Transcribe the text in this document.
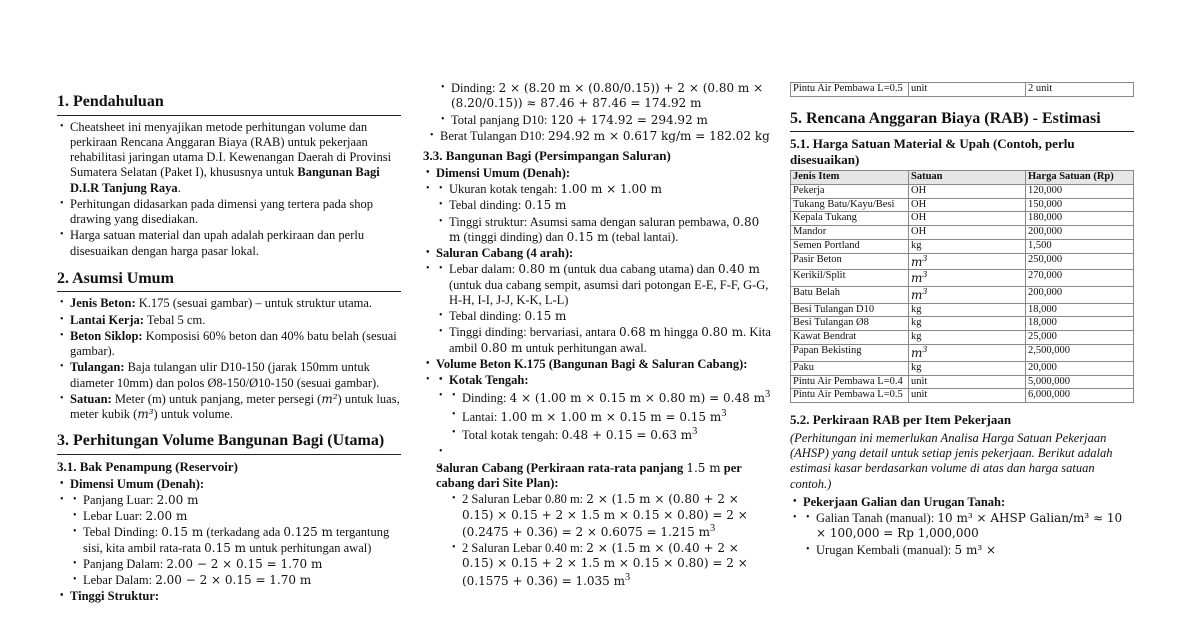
1. Pendahuluan
• Cheatsheet ini menyajikan metode perhitungan volume dan perkiraan Rencana Anggaran Biaya (RAB) untuk pekerjaan rehabilitasi jaringan utama D.I. Kewenangan Daerah di Provinsi Sumatera Selatan (Paket I), khususnya untuk Bangunan Bagi D.I.R Tanjung Raya.
• Perhitungan didasarkan pada dimensi yang tertera pada shop drawing yang disediakan.
• Harga satuan material dan upah adalah perkiraan dan perlu disesuaikan dengan harga pasar lokal.
2. Asumsi Umum
• Jenis Beton: K.175 (sesuai gambar) – untuk struktur utama.
• Lantai Kerja: Tebal 5 cm.
• Beton Siklop: Komposisi 60% beton dan 40% batu belah (sesuai gambar).
• Tulangan: Baja tulangan ulir D10-150 (jarak 150mm untuk diameter 10mm) dan polos Ø8-150/Ø10-150 (sesuai gambar).
• Satuan: Meter (m) untuk panjang, meter persegi (m²) untuk luas, meter kubik (m³) untuk volume.
3. Perhitungan Volume Bangunan Bagi (Utama)
3.1. Bak Penampung (Reservoir)
• Dimensi Umum (Denah):
• • Panjang Luar: 2.00 m
• Lebar Luar: 2.00 m
• Tebal Dinding: 0.15 m (terkadang ada 0.125 m tergantung sisi, kita ambil rata-rata 0.15 m untuk perhitungan awal)
• Panjang Dalam: 2.00 − 2 × 0.15 = 1.70 m
• Lebar Dalam: 2.00 − 2 × 0.15 = 1.70 m
• Tinggi Struktur:
• Dinding: 2 × (8.20 m × (0.80/0.15)) + 2 × (0.80 m × (8.20/0.15)) ≈ 87.46 + 87.46 = 174.92 m
• Total panjang D10: 120 + 174.92 = 294.92 m
• Berat Tulangan D10: 294.92 m × 0.617 kg/m = 182.02 kg
3.3. Bangunan Bagi (Persimpangan Saluran)
• Dimensi Umum (Denah):
• • Ukuran kotak tengah: 1.00 m × 1.00 m
• Tebal dinding: 0.15 m
• Tinggi struktur: Asumsi sama dengan saluran pembawa, 0.80 m (tinggi dinding) dan 0.15 m (tebal lantai).
• Saluran Cabang (4 arah):
• • Lebar dalam: 0.80 m (untuk dua cabang utama) dan 0.40 m (untuk dua cabang sempit, asumsi dari potongan E-E, F-F, G-G, H-H, I-I, J-J, K-K, L-L)
• Tebal dinding: 0.15 m
• Tinggi dinding: bervariasi, antara 0.68 m hingga 0.80 m. Kita ambil 0.80 m untuk perhitungan awal.
• Volume Beton K.175 (Bangunan Bagi & Saluran Cabang):
• • Kotak Tengah:
• • Dinding: 4 × (1.00 m × 0.15 m × 0.80 m) = 0.48 $m^3$
• Lantai: 1.00 m × 1.00 m × 0.15 m = 0.15 $m^3$
• Total kotak tengah: 0.48 + 0.15 = 0.63 $m^3$
•
• Saluran Cabang (Perkiraan rata-rata panjang 1.5 m per cabang dari Site Plan):
• 2 Saluran Lebar 0.80 m: 2 × (1.5 m × (0.80 + 2 × 0.15) × 0.15 + 2 × 1.5 m × 0.15 × 0.80) = 2 × (0.2475 + 0.36) = 2 × 0.6075 = 1.215 $m^3$
• 2 Saluran Lebar 0.40 m: 2 × (1.5 m × (0.40 + 2 × 0.15) × 0.15 + 2 × 1.5 m × 0.15 × 0.80) = 2 × (0.1575 + 0.36) = 1.035 $m^3$
Pintu Air Pembawa L=0.5	unit	2 unit
5. Rencana Anggaran Biaya (RAB) - Estimasi
5.1. Harga Satuan Material & Upah (Contoh, perlu disesuaikan)
Jenis Item	Satuan	Harga Satuan (Rp)
Pekerja	OH	120,000
Tukang Batu/Kayu/Besi	OH	150,000
Kepala Tukang	OH	180,000
Mandor	OH	200,000
Semen Portland	kg	1,500
Pasir Beton	$m^3$	250,000
Kerikil/Split	$m^3$	270,000
Batu Belah	$m^3$	200,000
Besi Tulangan D10	kg	18,000
Besi Tulangan Ø8	kg	18,000
Kawat Bendrat	kg	25,000
Papan Bekisting	$m^3$	2,500,000
Paku	kg	20,000
Pintu Air Pembawa L=0.4	unit	5,000,000
Pintu Air Pembawa L=0.5	unit	6,000,000
5.2. Perkiraan RAB per Item Pekerjaan
(Perhitungan ini memerlukan Analisa Harga Satuan Pekerjaan (AHSP) yang detail untuk setiap jenis pekerjaan. Berikut adalah estimasi kasar berdasarkan volume di atas dan harga satuan contoh.)
• Pekerjaan Galian dan Urugan Tanah:
• • Galian Tanah (manual): 10 m³ × AHSP Galian/m³ ≈ 10 × 100,000 = Rp 1,000,000
• Urugan Kembali (manual): 5 m³ ×
